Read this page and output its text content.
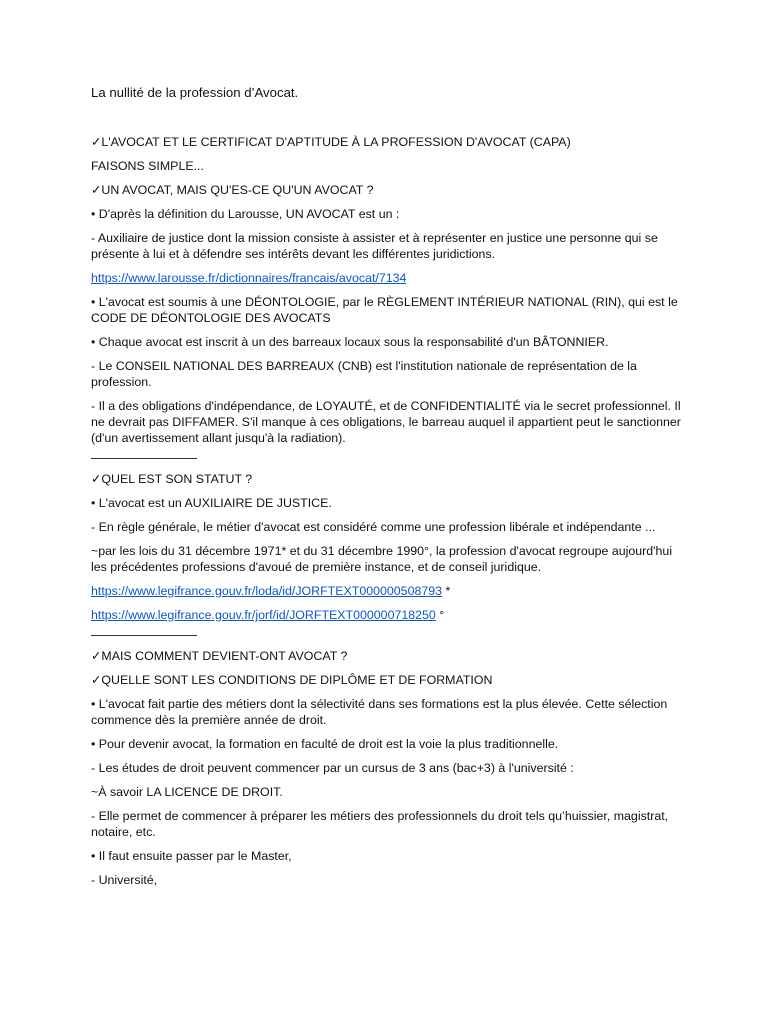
La nullité de la profession d’Avocat.

✓L'AVOCAT ET LE CERTIFICAT D'APTITUDE À LA PROFESSION D'AVOCAT (CAPA)

FAISONS SIMPLE...

✓UN AVOCAT, MAIS QU'ES-CE QU'UN AVOCAT ?

• D'après la définition du Larousse, UN AVOCAT est un :

- Auxiliaire de justice dont la mission consiste à assister et à représenter en justice une personne qui se présente à lui et à défendre ses intérêts devant les différentes juridictions.

https://www.larousse.fr/dictionnaires/francais/avocat/7134

• L'avocat est soumis à une DÉONTOLOGIE, par le RÈGLEMENT INTÉRIEUR NATIONAL (RIN), qui est le CODE DE DÉONTOLOGIE DES AVOCATS

• Chaque avocat est inscrit à un des barreaux locaux sous la responsabilité d'un BÂTONNIER.

- Le CONSEIL NATIONAL DES BARREAUX (CNB) est l'institution nationale de représentation de la profession.

- Il a des obligations d'indépendance, de LOYAUTÉ, et de CONFIDENTIALITÉ via le secret professionnel. Il ne devrait pas DIFFAMER. S'il manque à ces obligations, le barreau auquel il appartient peut le sanctionner (d'un avertissement allant jusqu'à la radiation).

✓QUEL EST SON STATUT ?

• L'avocat est un AUXILIAIRE DE JUSTICE.

- En règle générale, le métier d'avocat est considéré comme une profession libérale et indépendante ...

~par les lois du 31 décembre 1971* et du 31 décembre 1990°, la profession d'avocat regroupe aujourd'hui les précédentes professions d'avoué de première instance, et de conseil juridique.

https://www.legifrance.gouv.fr/loda/id/JORFTEXT000000508793 *

https://www.legifrance.gouv.fr/jorf/id/JORFTEXT000000718250 °

✓MAIS COMMENT DEVIENT-ONT AVOCAT ?

✓QUELLE SONT LES CONDITIONS DE DIPLÔME ET DE FORMATION

• L'avocat fait partie des métiers dont la sélectivité dans ses formations est la plus élevée. Cette sélection commence dès la première année de droit.

• Pour devenir avocat, la formation en faculté de droit est la voie la plus traditionnelle.

- Les études de droit peuvent commencer par un cursus de 3 ans (bac+3) à l'université :

~À savoir LA LICENCE DE DROIT.

- Elle permet de commencer à préparer les métiers des professionnels du droit tels qu’huissier, magistrat, notaire, etc.

• Il faut ensuite passer par le Master,

- Université,
